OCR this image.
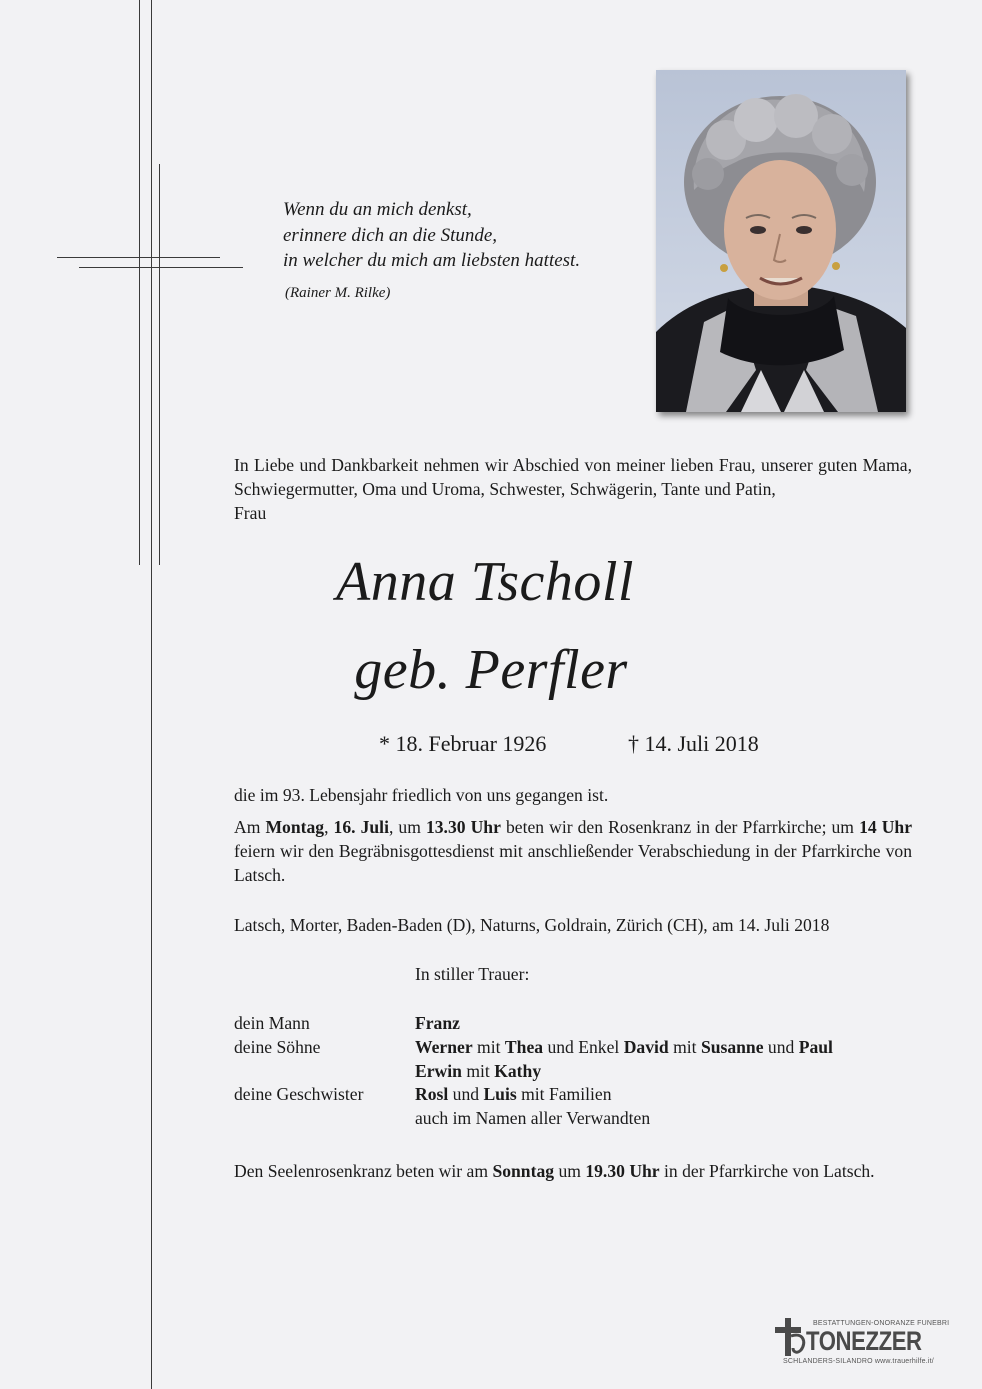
Wenn du an mich denkst,
erinnere dich an die Stunde,
in welcher du mich am liebsten hattest.
(Rainer M. Rilke)
In Liebe und Dankbarkeit nehmen wir Abschied von meiner lieben Frau, unserer guten Mama, Schwiegermutter, Oma und Uroma, Schwester, Schwägerin, Tante und Patin,
Frau
Anna Tscholl
geb. Perfler
* 18. Februar 1926	† 14. Juli 2018
die im 93. Lebensjahr friedlich von uns gegangen ist.
Am Montag, 16. Juli, um 13.30 Uhr beten wir den Rosenkranz in der Pfarrkirche; um 14 Uhr feiern wir den Begräbnisgottesdienst mit anschließender Verabschiedung in der Pfarrkirche von Latsch.
Latsch, Morter, Baden-Baden (D), Naturns, Goldrain, Zürich (CH), am 14. Juli 2018
In stiller Trauer:
dein Mann	Franz
deine Söhne	Werner mit Thea und Enkel David mit Susanne und Paul
Erwin mit Kathy
deine Geschwister	Rosl und Luis mit Familien
auch im Namen aller Verwandten
Den Seelenrosenkranz beten wir am Sonntag um 19.30 Uhr in der Pfarrkirche von Latsch.
BESTATTUNGEN-ONORANZE FUNEBRI
TONEZZER
SCHLANDERS-SILANDRO www.trauerhilfe.it/
